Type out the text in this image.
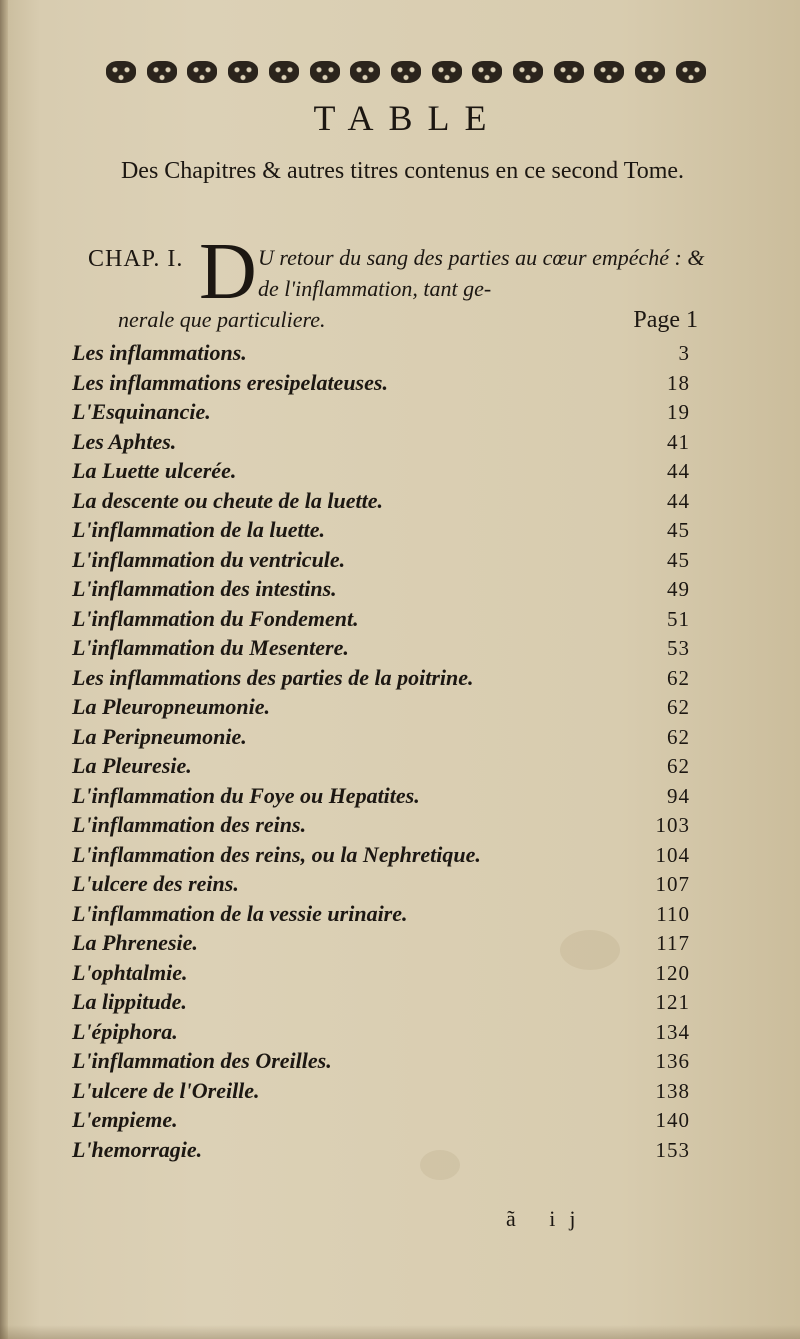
TABLE
Des Chapitres & autres titres contenus en ce second Tome.
CHAP. I. D U retour du sang des parties au cœur empéché : & de l'inflammation, tant ge-
nerale que particuliere.	Page 1
Les inflammations.	3
Les inflammations eresipelateuses.	18
L'Esquinancie.	19
Les Aphtes.	41
La Luette ulcerée.	44
La descente ou cheute de la luette.	44
L'inflammation de la luette.	45
L'inflammation du ventricule.	45
L'inflammation des intestins.	49
L'inflammation du Fondement.	51
L'inflammation du Mesentere.	53
Les inflammations des parties de la poitrine.	62
La Pleuropneumonie.	62
La Peripneumonie.	62
La Pleuresie.	62
L'inflammation du Foye ou Hepatites.	94
L'inflammation des reins.	103
L'inflammation des reins, ou la Nephretique.	104
L'ulcere des reins.	107
L'inflammation de la vessie urinaire.	110
La Phrenesie.	117
L'ophtalmie.	120
La lippitude.	121
L'épiphora.	134
L'inflammation des Oreilles.	136
L'ulcere de l'Oreille.	138
L'empieme.	140
L'hemorragie.	153
ã ij
